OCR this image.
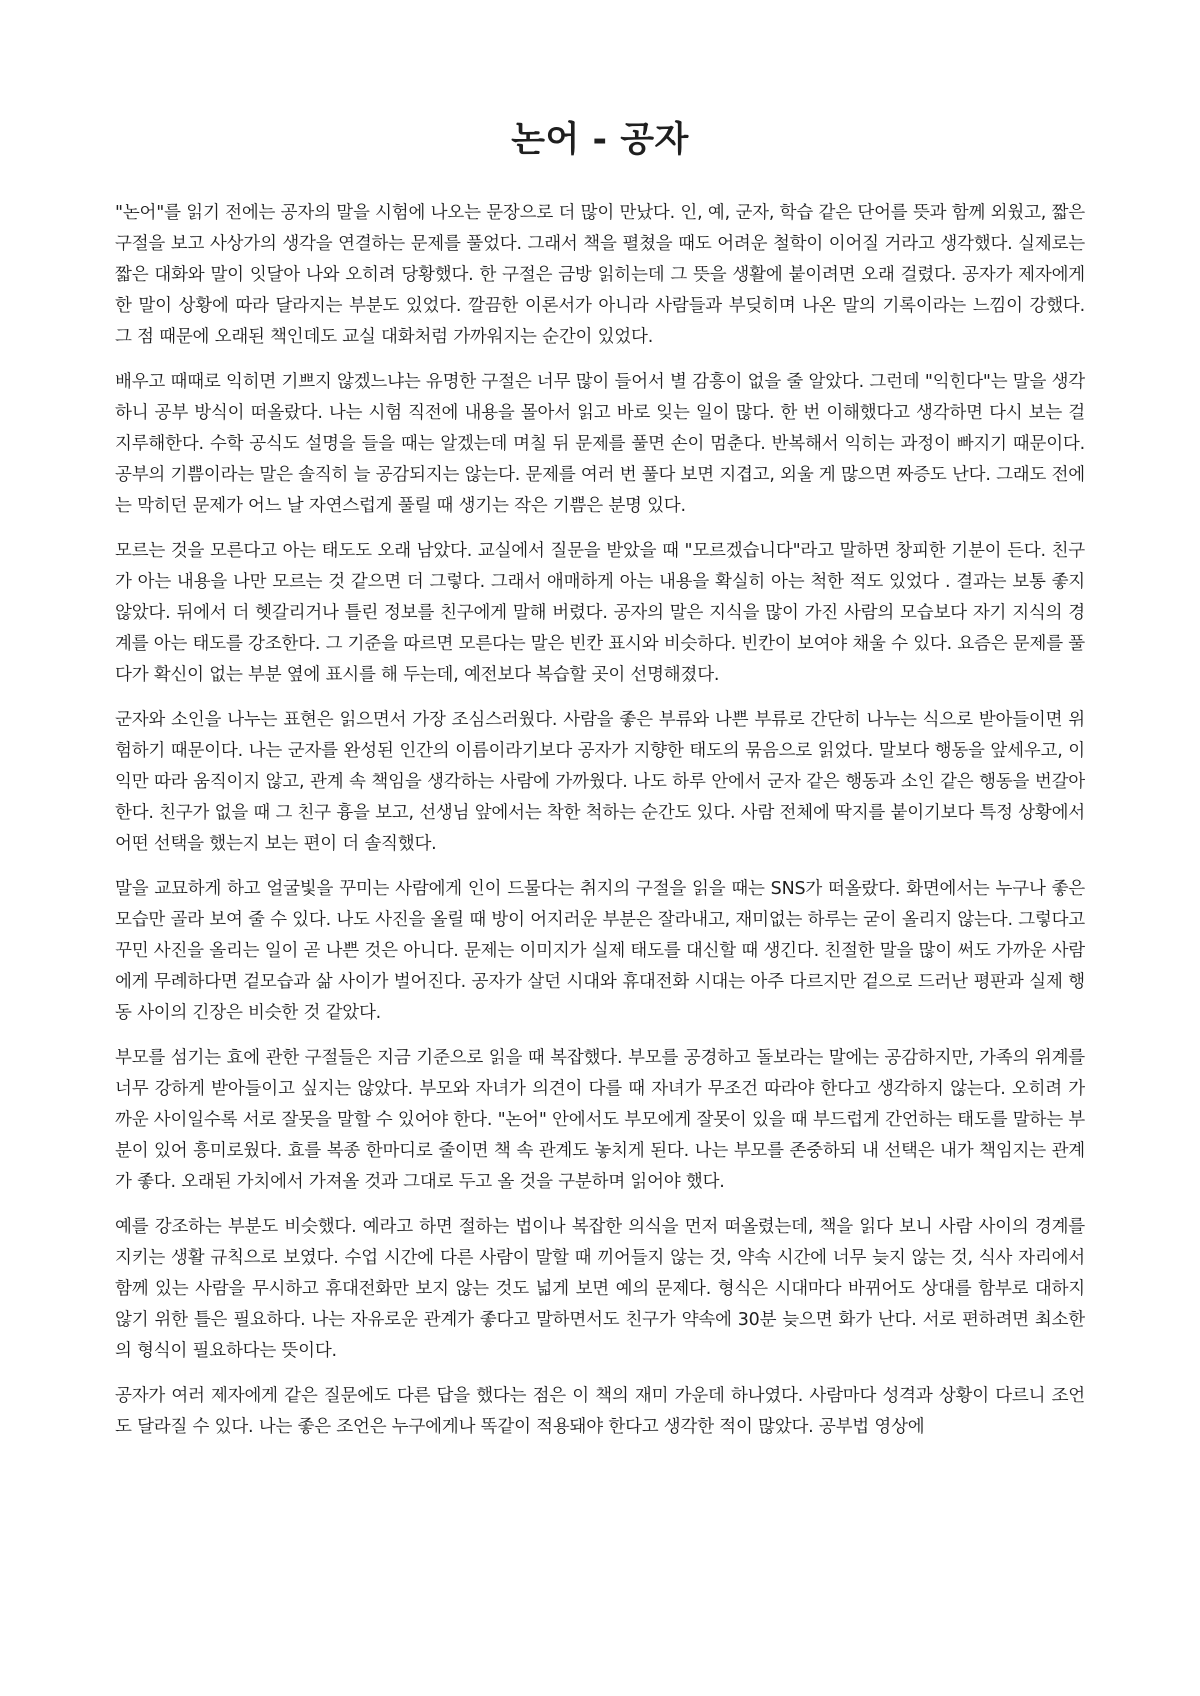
논어 - 공자

"논어"를 읽기 전에는 공자의 말을 시험에 나오는 문장으로 더 많이 만났다. 인, 예, 군자, 학습 같은 단어를 뜻과 함께 외웠고, 짧은 구절을 보고 사상가의 생각을 연결하는 문제를 풀었다. 그래서 책을 펼쳤을 때도 어려운 철학이 이어질 거라고 생각했다. 실제로는 짧은 대화와 말이 잇달아 나와 오히려 당황했다. 한 구절은 금방 읽히는데 그 뜻을 생활에 붙이려면 오래 걸렸다. 공자가 제자에게 한 말이 상황에 따라 달라지는 부분도 있었다. 깔끔한 이론서가 아니라 사람들과 부딪히며 나온 말의 기록이라는 느낌이 강했다. 그 점 때문에 오래된 책인데도 교실 대화처럼 가까워지는 순간이 있었다.

배우고 때때로 익히면 기쁘지 않겠느냐는 유명한 구절은 너무 많이 들어서 별 감흥이 없을 줄 알았다. 그런데 "익힌다"는 말을 생각하니 공부 방식이 떠올랐다. 나는 시험 직전에 내용을 몰아서 읽고 바로 잊는 일이 많다. 한 번 이해했다고 생각하면 다시 보는 걸 지루해한다. 수학 공식도 설명을 들을 때는 알겠는데 며칠 뒤 문제를 풀면 손이 멈춘다. 반복해서 익히는 과정이 빠지기 때문이다. 공부의 기쁨이라는 말은 솔직히 늘 공감되지는 않는다. 문제를 여러 번 풀다 보면 지겹고, 외울 게 많으면 짜증도 난다. 그래도 전에는 막히던 문제가 어느 날 자연스럽게 풀릴 때 생기는 작은 기쁨은 분명 있다.

모르는 것을 모른다고 아는 태도도 오래 남았다. 교실에서 질문을 받았을 때 "모르겠습니다"라고 말하면 창피한 기분이 든다. 친구가 아는 내용을 나만 모르는 것 같으면 더 그렇다. 그래서 애매하게 아는 내용을 확실히 아는 척한 적도 있었다 . 결과는 보통 좋지 않았다. 뒤에서 더 헷갈리거나 틀린 정보를 친구에게 말해 버렸다. 공자의 말은 지식을 많이 가진 사람의 모습보다 자기 지식의 경계를 아는 태도를 강조한다. 그 기준을 따르면 모른다는 말은 빈칸 표시와 비슷하다. 빈칸이 보여야 채울 수 있다. 요즘은 문제를 풀다가 확신이 없는 부분 옆에 표시를 해 두는데, 예전보다 복습할 곳이 선명해졌다.

군자와 소인을 나누는 표현은 읽으면서 가장 조심스러웠다. 사람을 좋은 부류와 나쁜 부류로 간단히 나누는 식으로 받아들이면 위험하기 때문이다. 나는 군자를 완성된 인간의 이름이라기보다 공자가 지향한 태도의 묶음으로 읽었다. 말보다 행동을 앞세우고, 이익만 따라 움직이지 않고, 관계 속 책임을 생각하는 사람에 가까웠다. 나도 하루 안에서 군자 같은 행동과 소인 같은 행동을 번갈아 한다. 친구가 없을 때 그 친구 흉을 보고, 선생님 앞에서는 착한 척하는 순간도 있다. 사람 전체에 딱지를 붙이기보다 특정 상황에서 어떤 선택을 했는지 보는 편이 더 솔직했다.

말을 교묘하게 하고 얼굴빛을 꾸미는 사람에게 인이 드물다는 취지의 구절을 읽을 때는 SNS가 떠올랐다. 화면에서는 누구나 좋은 모습만 골라 보여 줄 수 있다. 나도 사진을 올릴 때 방이 어지러운 부분은 잘라내고, 재미없는 하루는 굳이 올리지 않는다. 그렇다고 꾸민 사진을 올리는 일이 곧 나쁜 것은 아니다. 문제는 이미지가 실제 태도를 대신할 때 생긴다. 친절한 말을 많이 써도 가까운 사람에게 무례하다면 겉모습과 삶 사이가 벌어진다. 공자가 살던 시대와 휴대전화 시대는 아주 다르지만 겉으로 드러난 평판과 실제 행동 사이의 긴장은 비슷한 것 같았다.

부모를 섬기는 효에 관한 구절들은 지금 기준으로 읽을 때 복잡했다. 부모를 공경하고 돌보라는 말에는 공감하지만, 가족의 위계를 너무 강하게 받아들이고 싶지는 않았다. 부모와 자녀가 의견이 다를 때 자녀가 무조건 따라야 한다고 생각하지 않는다. 오히려 가까운 사이일수록 서로 잘못을 말할 수 있어야 한다. "논어" 안에서도 부모에게 잘못이 있을 때 부드럽게 간언하는 태도를 말하는 부분이 있어 흥미로웠다. 효를 복종 한마디로 줄이면 책 속 관계도 놓치게 된다. 나는 부모를 존중하되 내 선택은 내가 책임지는 관계가 좋다. 오래된 가치에서 가져올 것과 그대로 두고 올 것을 구분하며 읽어야 했다.

예를 강조하는 부분도 비슷했다. 예라고 하면 절하는 법이나 복잡한 의식을 먼저 떠올렸는데, 책을 읽다 보니 사람 사이의 경계를 지키는 생활 규칙으로 보였다. 수업 시간에 다른 사람이 말할 때 끼어들지 않는 것, 약속 시간에 너무 늦지 않는 것, 식사 자리에서 함께 있는 사람을 무시하고 휴대전화만 보지 않는 것도 넓게 보면 예의 문제다. 형식은 시대마다 바뀌어도 상대를 함부로 대하지 않기 위한 틀은 필요하다. 나는 자유로운 관계가 좋다고 말하면서도 친구가 약속에 30분 늦으면 화가 난다. 서로 편하려면 최소한의 형식이 필요하다는 뜻이다.

공자가 여러 제자에게 같은 질문에도 다른 답을 했다는 점은 이 책의 재미 가운데 하나였다. 사람마다 성격과 상황이 다르니 조언도 달라질 수 있다. 나는 좋은 조언은 누구에게나 똑같이 적용돼야 한다고 생각한 적이 많았다. 공부법 영상에
